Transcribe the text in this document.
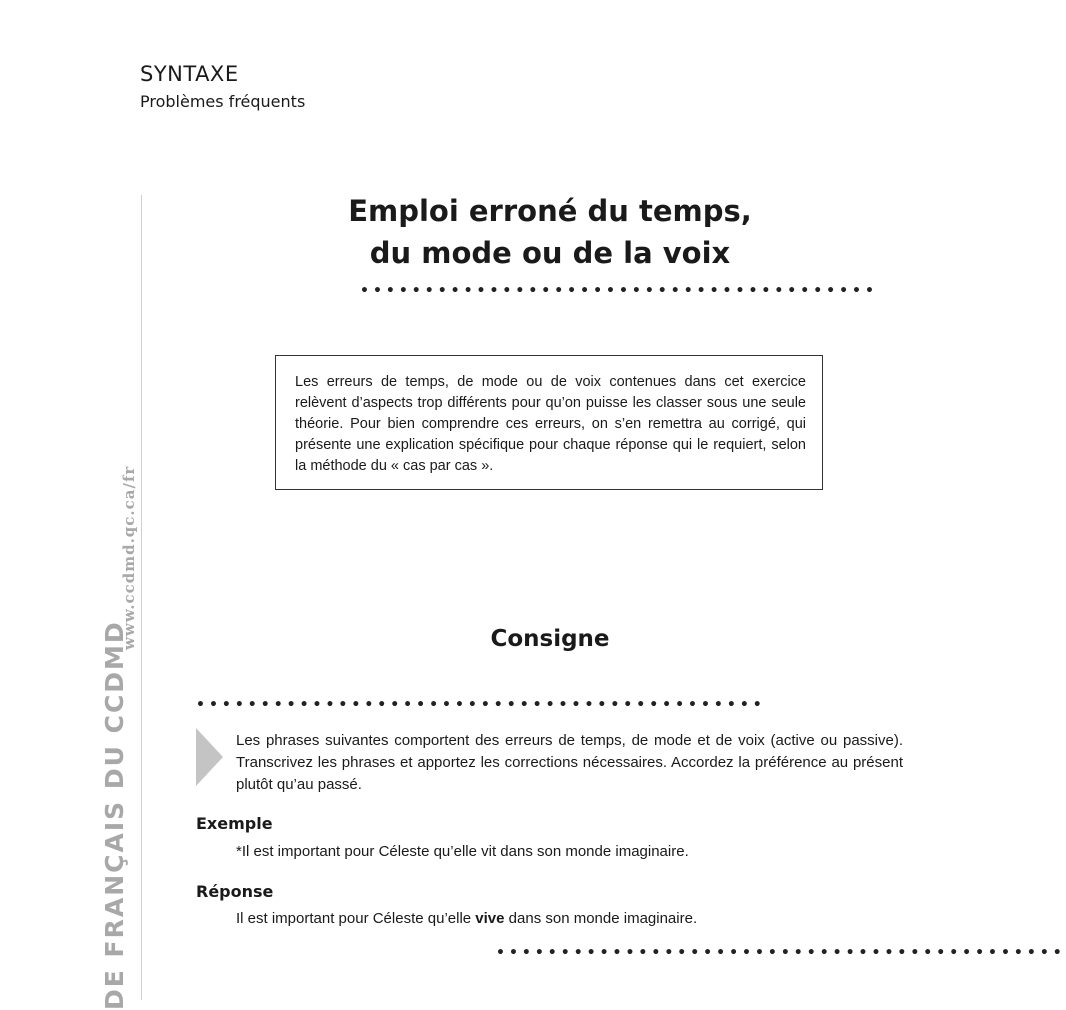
SYNTAXE
Problèmes fréquents
www.ccdmd.qc.ca/fr
DE FRANÇAIS DU CCDMD
Emploi erroné du temps,
du mode ou de la voix
••••••••••••••••••••••••••••••••••••••••
Les erreurs de temps, de mode ou de voix contenues dans cet exercice relèvent d’aspects trop différents pour qu’on puisse les classer sous une seule théorie. Pour bien comprendre ces erreurs, on s’en remettra au corrigé, qui présente une explication spécifique pour chaque réponse qui le requiert, selon la méthode du « cas par cas ».
Consigne
••••••••••••••••••••••••••••••••••••••••••••
Les phrases suivantes comportent des erreurs de temps, de mode et de voix (active ou passive). Transcrivez les phrases et apportez les corrections nécessaires. Accordez la préférence au présent plutôt qu’au passé.
Exemple
*Il est important pour Céleste qu’elle vit dans son monde imaginaire.
Réponse
Il est important pour Céleste qu’elle vive dans son monde imaginaire.
••••••••••••••••••••••••••••••••••••••••••••
